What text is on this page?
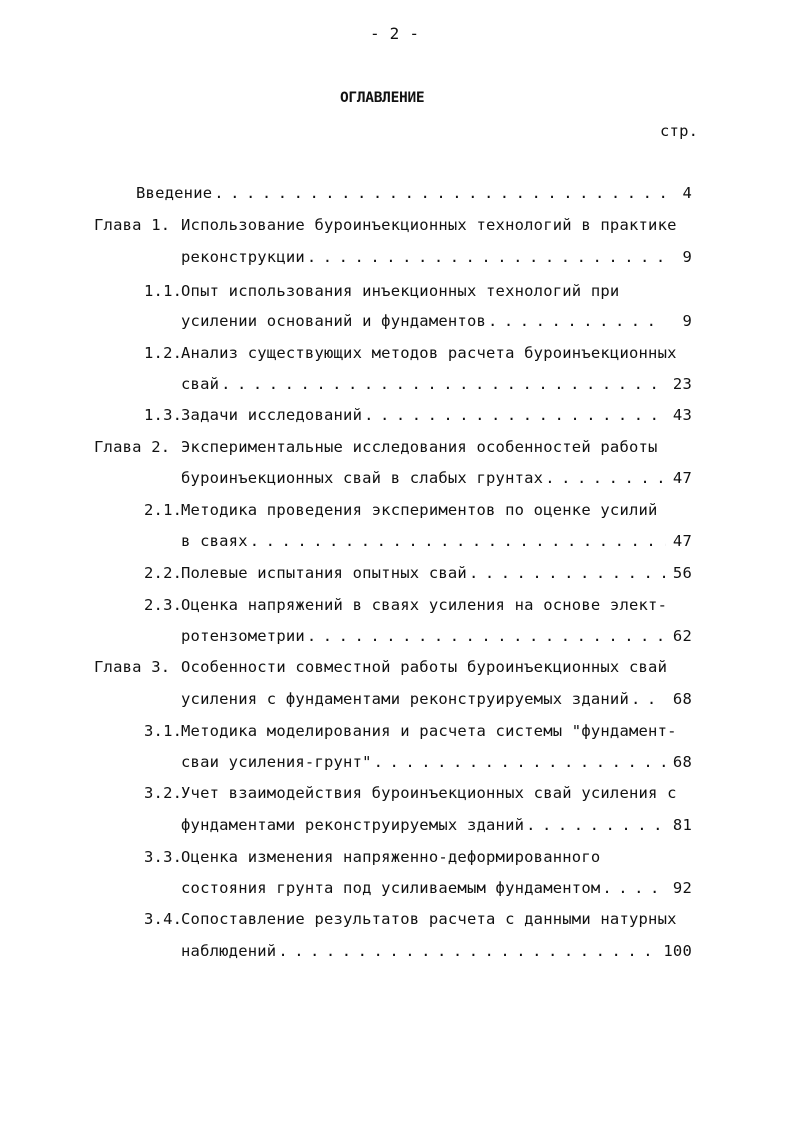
- 2 -
ОГЛАВЛЕНИЕ
стр.
Введение . . .	4
Глава 1. Использование буроинъекционных технологий в практике
реконструкции . . .	9
1.1.
Опыт использования инъекционных технологий при
усилении оснований и фундаментов . . .	9
1.2.
Анализ существующих методов расчета буроинъекционных
свай . . .	23
1.3.
Задачи исследований . . .	43
Глава 2. Экспериментальные исследования особенностей работы
буроинъекционных свай в слабых грунтах . . .	47
2.1.
Методика проведения экспериментов по оценке усилий
в сваях . . .	47
2.2.
Полевые испытания опытных свай . . .	56
2.3.
Оценка напряжений в сваях усиления на основе элект-
ротензометрии . . .	62
Глава 3. Особенности совместной работы буроинъекционных свай
усиления с фундаментами реконструируемых зданий . . .	68
3.1.
Методика моделирования и расчета системы "фундамент-
сваи усиления-грунт" . . .	68
3.2.
Учет взаимодействия буроинъекционных свай усиления с
фундаментами реконструируемых зданий . . .	81
3.3.
Оценка изменения напряженно-деформированного
состояния грунта под усиливаемым фундаментом . . .	92
3.4.
Сопоставление результатов расчета с данными натурных
наблюдений . . .	100
